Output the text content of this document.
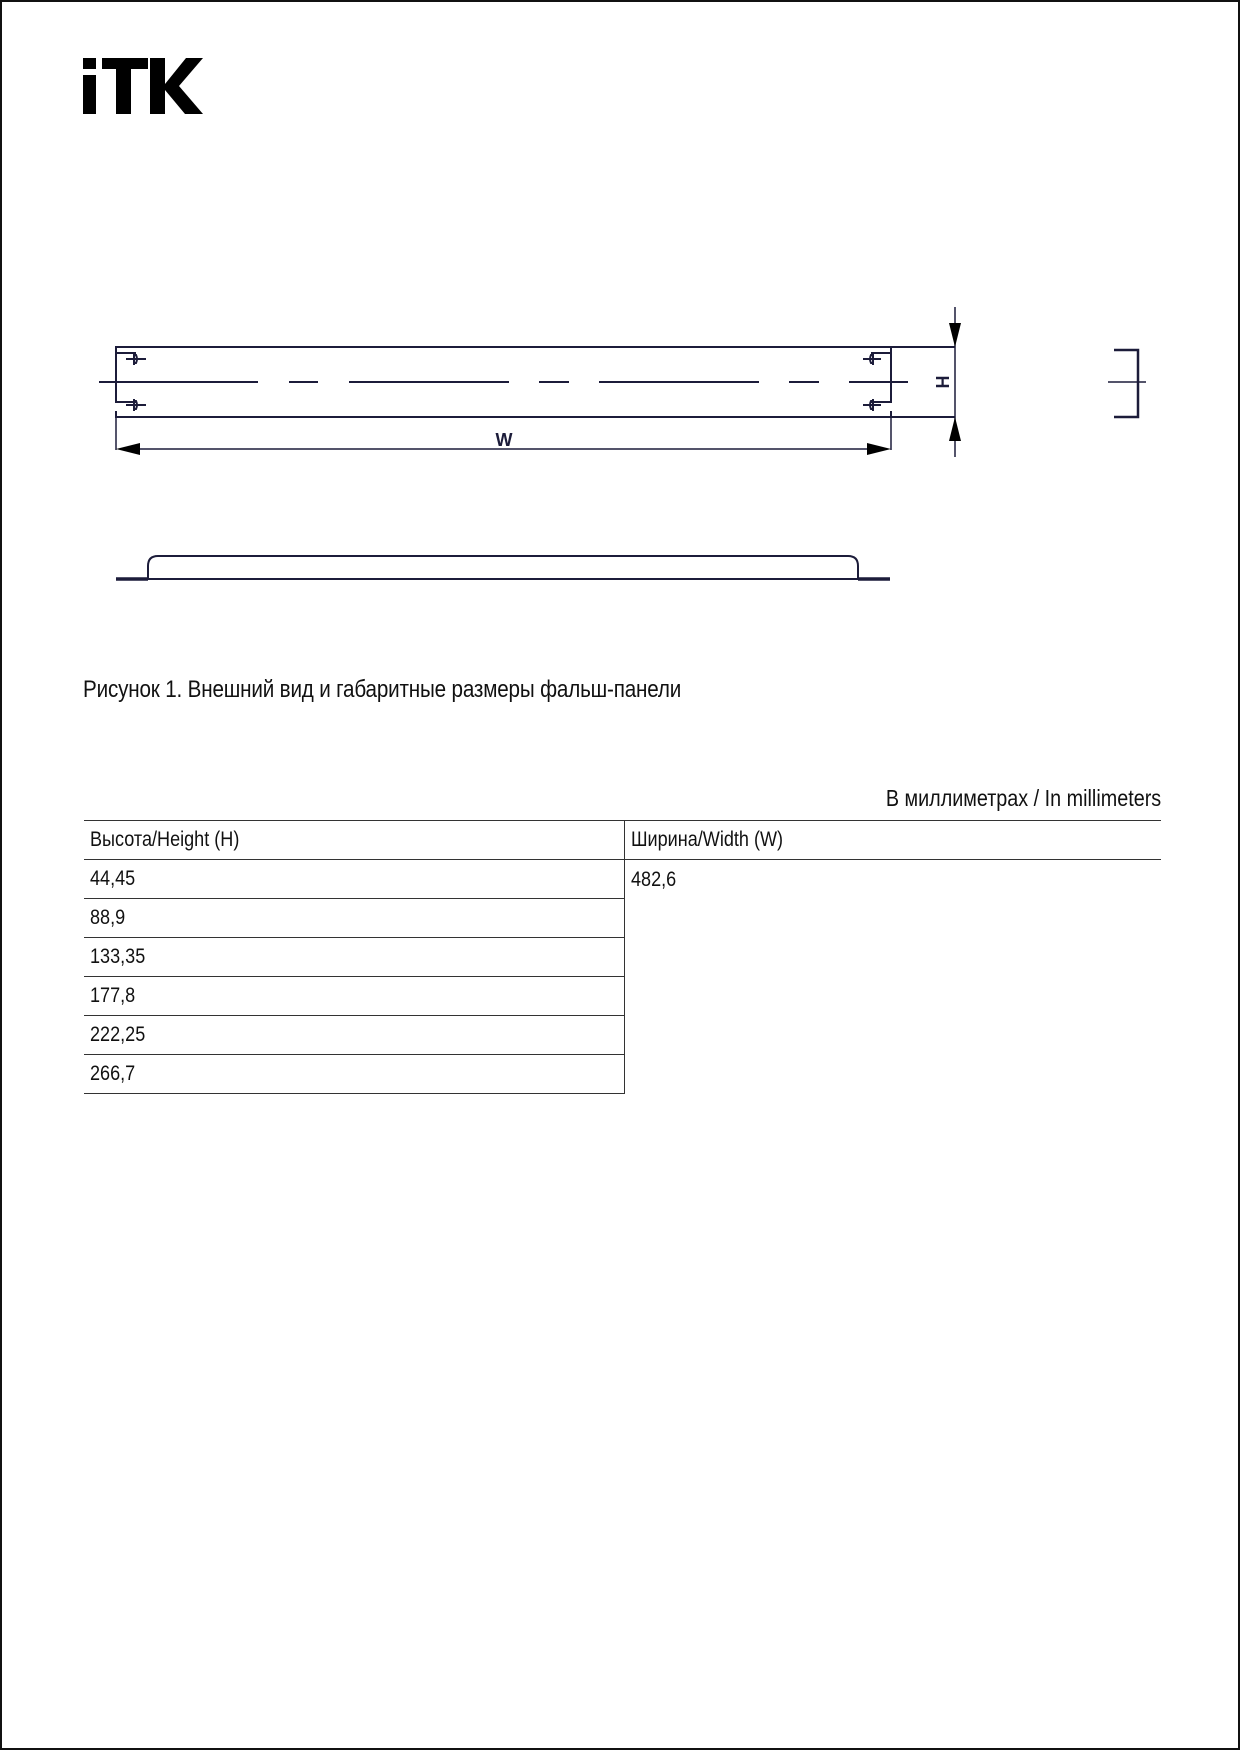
W
H
Рисунок 1. Внешний вид и габаритные размеры фальш-панели
В миллиметрах / In millimeters
Высота/Height (H)	Ширина/Width (W)
44,45	482,6
88,9	
133,35	
177,8	
222,25	
266,7	
